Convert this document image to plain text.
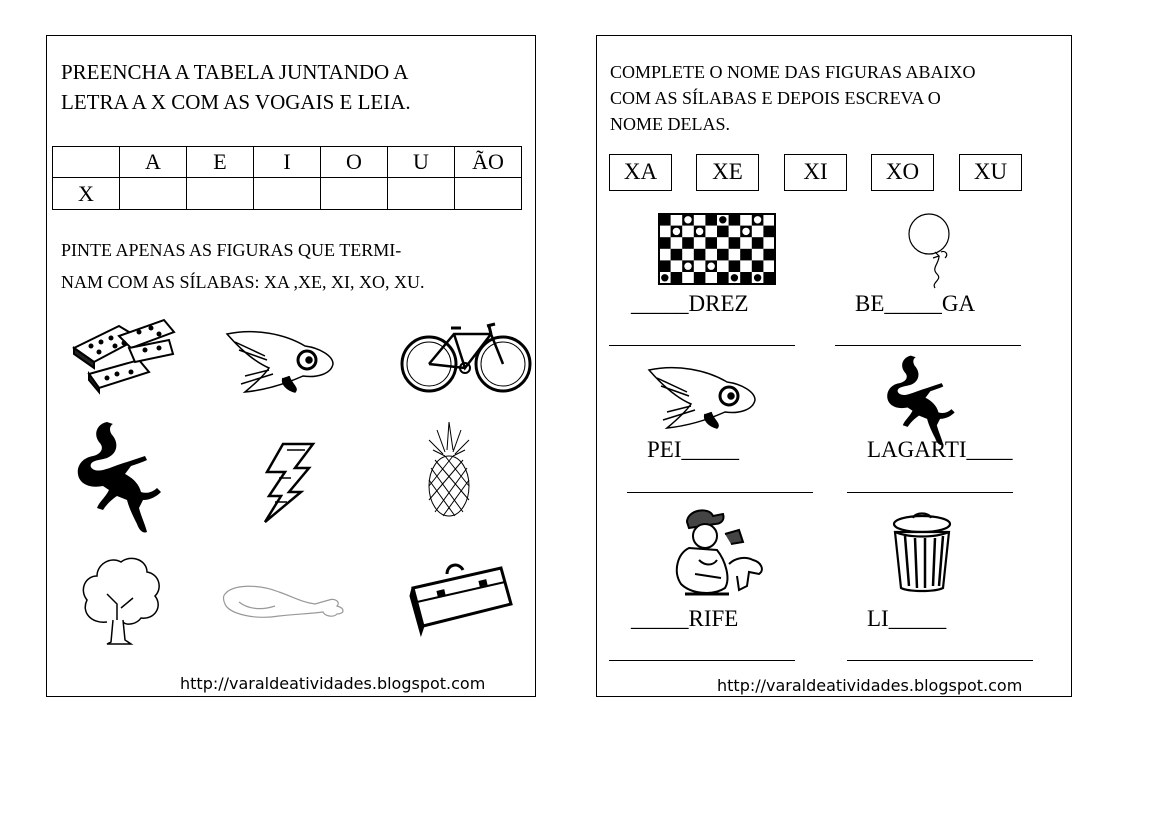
PREENCHA A TABELA JUNTANDO A
LETRA A X COM AS VOGAIS E LEIA.
	A	E	I	O	U	ÃO
X						
PINTE APENAS AS FIGURAS QUE TERMI-
NAM COM AS SÍLABAS: XA ,XE, XI, XO, XU.
http://varaldeatividades.blogspot.com
COMPLETE O NOME DAS FIGURAS ABAIXO
COM AS SÍLABAS E DEPOIS ESCREVA O
NOME DELAS.
XA	XE	XI	XO	XU
_____DREZ	BE_____GA
PEI_____	LAGARTI____
_____RIFE	LI_____
http://varaldeatividades.blogspot.com
